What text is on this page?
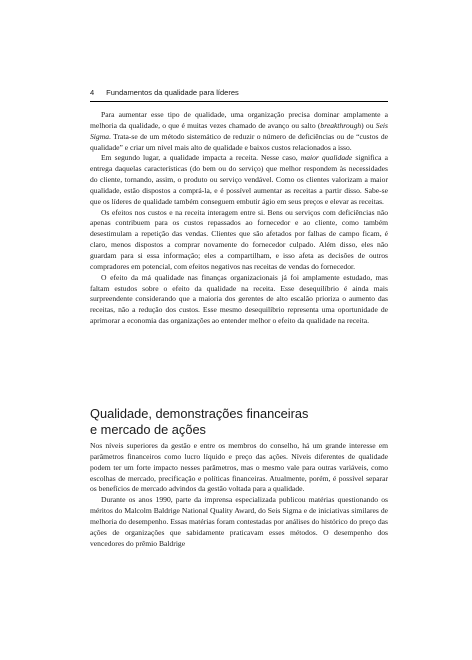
4 Fundamentos da qualidade para líderes

Para aumentar esse tipo de qualidade, uma organização precisa dominar amplamente a melhoria da qualidade, o que é muitas vezes chamado de avanço ou salto (breakthrough) ou Seis Sigma. Trata-se de um método sistemático de reduzir o número de deficiências ou de “custos de qualidade” e criar um nível mais alto de qualidade e baixos custos relacionados a isso.

Em segundo lugar, a qualidade impacta a receita. Nesse caso, maior qualidade significa a entrega daquelas características (do bem ou do serviço) que melhor respondem às necessidades do cliente, tornando, assim, o produto ou serviço vendável. Como os clientes valorizam a maior qualidade, estão dispostos a comprá-la, e é possível aumentar as receitas a partir disso. Sabe-se que os líderes de qualidade também conseguem embutir ágio em seus preços e elevar as receitas.

Os efeitos nos custos e na receita interagem entre si. Bens ou serviços com deficiências não apenas contribuem para os custos repassados ao fornecedor e ao cliente, como também desestimulam a repetição das vendas. Clientes que são afetados por falhas de campo ficam, é claro, menos dispostos a comprar novamente do fornecedor culpado. Além disso, eles não guardam para si essa informação; eles a compartilham, e isso afeta as decisões de outros compradores em potencial, com efeitos negativos nas receitas de vendas do fornecedor.

O efeito da má qualidade nas finanças organizacionais já foi amplamente estudado, mas faltam estudos sobre o efeito da qualidade na receita. Esse desequilíbrio é ainda mais surpreendente considerando que a maioria dos gerentes de alto escalão prioriza o aumento das receitas, não a redução dos custos. Esse mesmo desequilíbrio representa uma oportunidade de aprimorar a economia das organizações ao entender melhor o efeito da qualidade na receita.

Qualidade, demonstrações financeiras
e mercado de ações

Nos níveis superiores da gestão e entre os membros do conselho, há um grande interesse em parâmetros financeiros como lucro líquido e preço das ações. Níveis diferentes de qualidade podem ter um forte impacto nesses parâmetros, mas o mesmo vale para outras variáveis, como escolhas de mercado, precificação e políticas financeiras. Atualmente, porém, é possível separar os benefícios de mercado advindos da gestão voltada para a qualidade.

Durante os anos 1990, parte da imprensa especializada publicou matérias questionando os méritos do Malcolm Baldrige National Quality Award, do Seis Sigma e de iniciativas similares de melhoria do desempenho. Essas matérias foram contestadas por análises do histórico do preço das ações de organizações que sabidamente praticavam esses métodos. O desempenho dos vencedores do prêmio Baldrige
